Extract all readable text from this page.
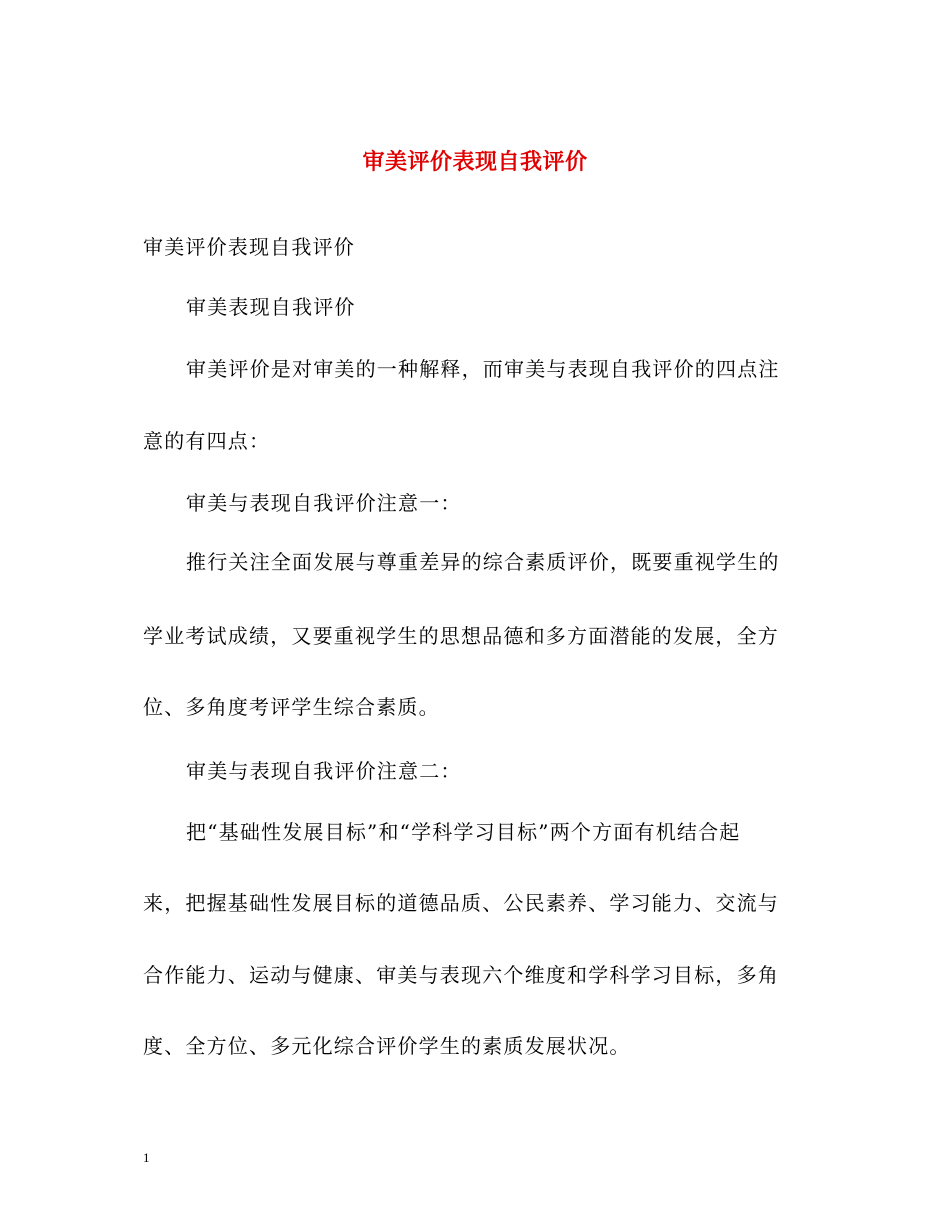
审美评价表现自我评价
审美评价表现自我评价
审美表现自我评价
审美评价是对审美的一种解释，而审美与表现自我评价的四点注
意的有四点：
审美与表现自我评价注意一：
推行关注全面发展与尊重差异的综合素质评价，既要重视学生的
学业考试成绩，又要重视学生的思想品德和多方面潜能的发展，全方
位、多角度考评学生综合素质。
审美与表现自我评价注意二：
把“基础性发展目标”和“学科学习目标”两个方面有机结合起
来，把握基础性发展目标的道德品质、公民素养、学习能力、交流与
合作能力、运动与健康、审美与表现六个维度和学科学习目标，多角
度、全方位、多元化综合评价学生的素质发展状况。
1
